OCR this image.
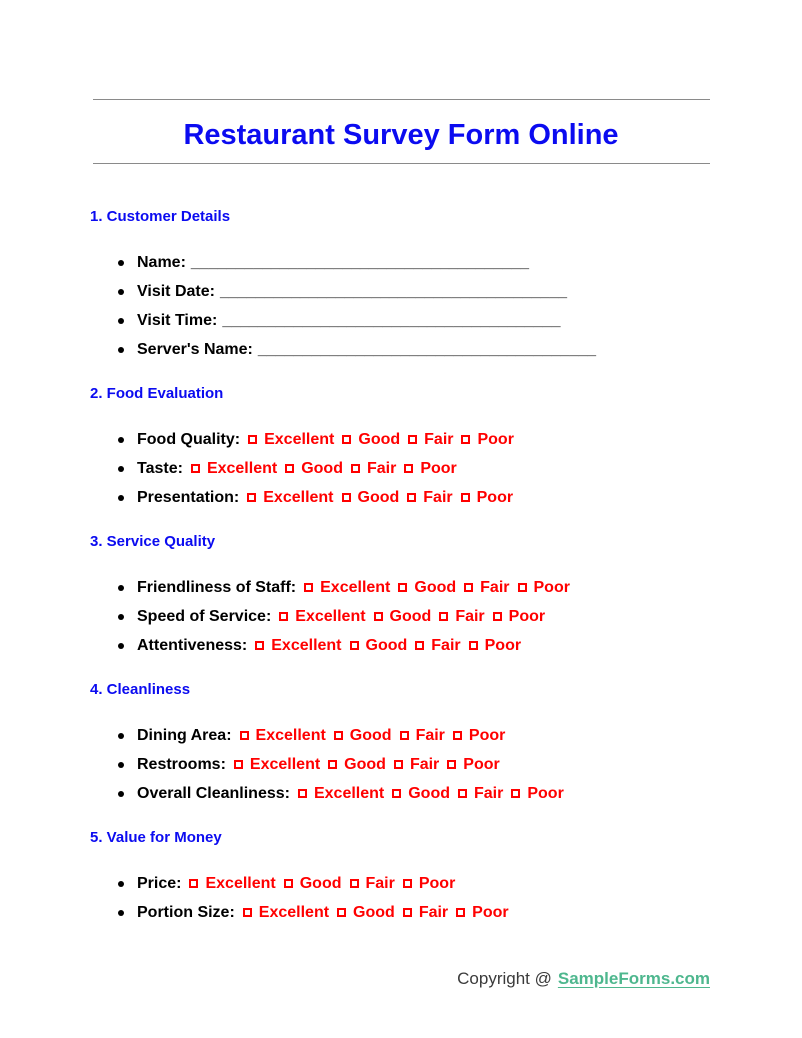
Restaurant Survey Form Online
1. Customer Details
Name: ______________________________________
Visit Date: _______________________________________
Visit Time: ______________________________________
Server's Name: ______________________________________
2. Food Evaluation
Food Quality: Excellent Good Fair Poor
Taste: Excellent Good Fair Poor
Presentation: Excellent Good Fair Poor
3. Service Quality
Friendliness of Staff: Excellent Good Fair Poor
Speed of Service: Excellent Good Fair Poor
Attentiveness: Excellent Good Fair Poor
4. Cleanliness
Dining Area: Excellent Good Fair Poor
Restrooms: Excellent Good Fair Poor
Overall Cleanliness: Excellent Good Fair Poor
5. Value for Money
Price: Excellent Good Fair Poor
Portion Size: Excellent Good Fair Poor
Copyright @ SampleForms.com
